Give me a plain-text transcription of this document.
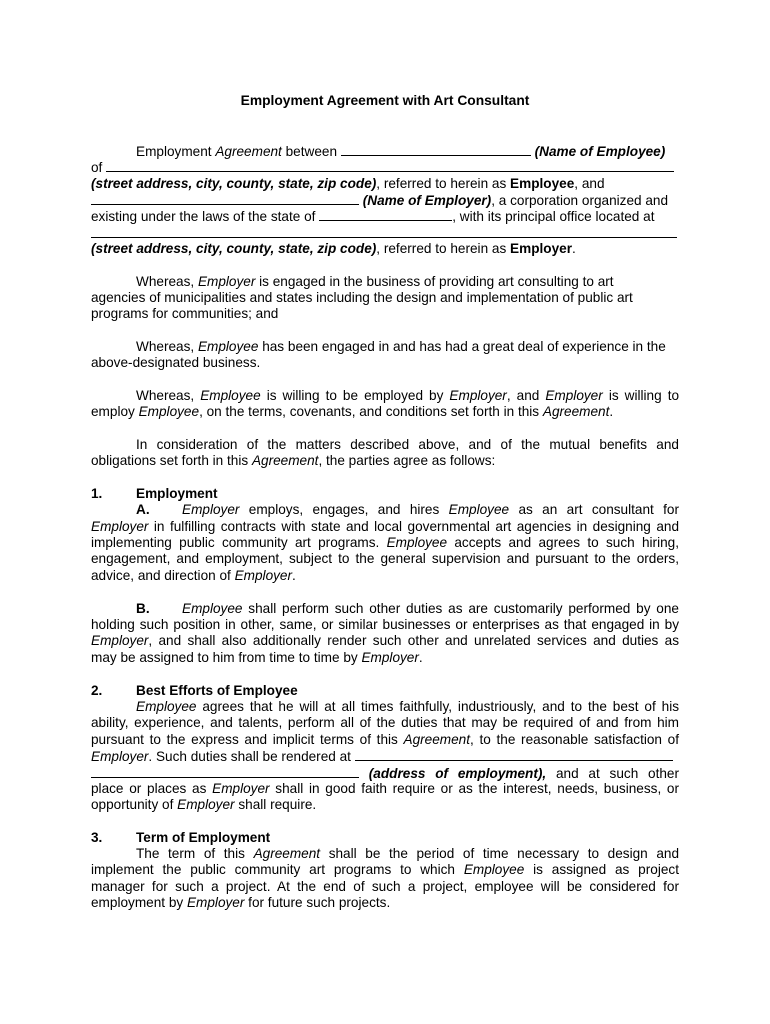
Employment Agreement with Art Consultant
Employment Agreement between	(Name of Employee)
of
(street address, city, county, state, zip code), referred to herein as Employee, and
(Name of Employer), a corporation organized and
existing under the laws of the state of	, with its principal office located at
(street address, city, county, state, zip code), referred to herein as Employer.
Whereas, Employer is engaged in the business of providing art consulting to art
agencies of municipalities and states including the design and implementation of public art
programs for communities; and
Whereas, Employee has been engaged in and has had a great deal of experience in the
above-designated business.
Whereas, Employee is willing to be employed by Employer, and Employer is willing to
employ Employee, on the terms, covenants, and conditions set forth in this Agreement.
In consideration of the matters described above, and of the mutual benefits and
obligations set forth in this Agreement, the parties agree as follows:
1.	Employment
A.	Employer employs, engages, and hires Employee as an art consultant for
Employer in fulfilling contracts with state and local governmental art agencies in designing and
implementing public community art programs. Employee accepts and agrees to such hiring,
engagement, and employment, subject to the general supervision and pursuant to the orders,
advice, and direction of Employer.
B.	Employee shall perform such other duties as are customarily performed by one
holding such position in other, same, or similar businesses or enterprises as that engaged in by
Employer, and shall also additionally render such other and unrelated services and duties as
may be assigned to him from time to time by Employer.
2.	Best Efforts of Employee
Employee agrees that he will at all times faithfully, industriously, and to the best of his
ability, experience, and talents, perform all of the duties that may be required of and from him
pursuant to the express and implicit terms of this Agreement, to the reasonable satisfaction of
Employer. Such duties shall be rendered at
(address of employment), and at such other
place or places as Employer shall in good faith require or as the interest, needs, business, or
opportunity of Employer shall require.
3.	Term of Employment
The term of this Agreement shall be the period of time necessary to design and
implement the public community art programs to which Employee is assigned as project
manager for such a project. At the end of such a project, employee will be considered for
employment by Employer for future such projects.
